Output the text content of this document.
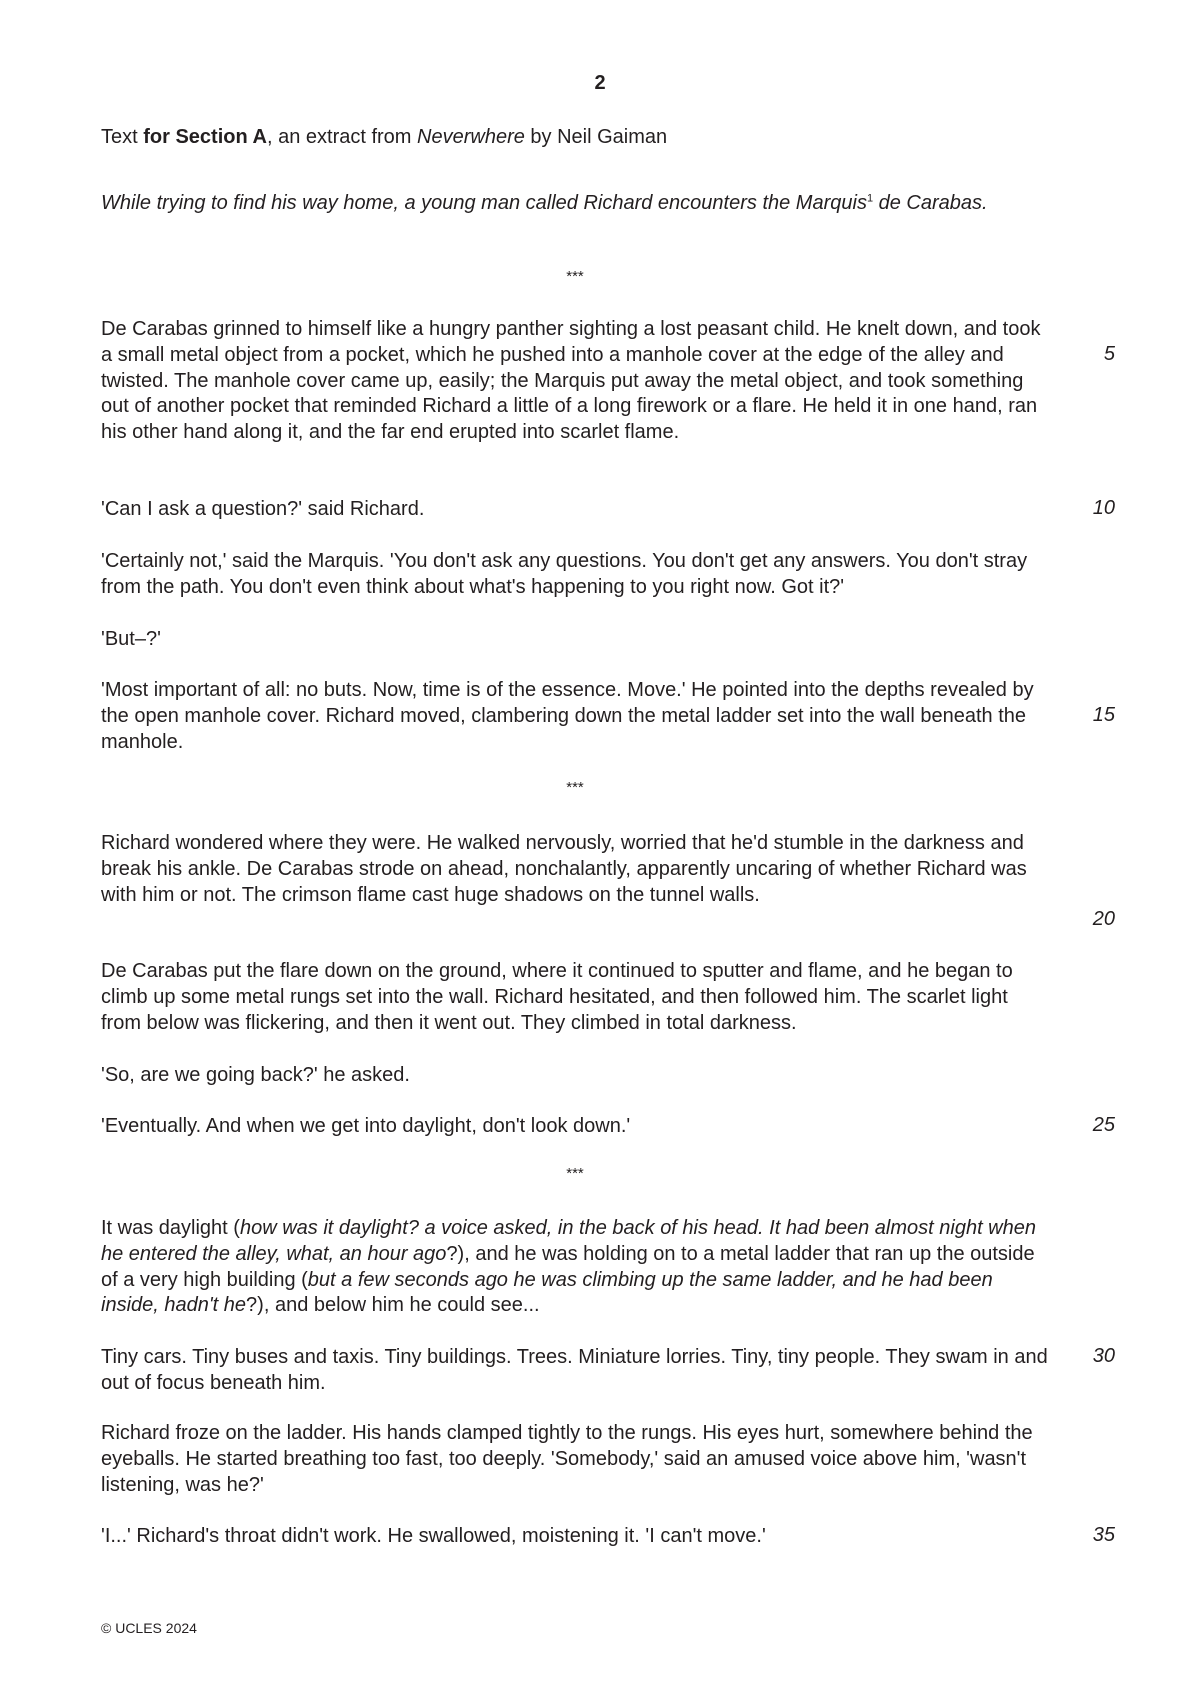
2
Text for Section A, an extract from Neverwhere by Neil Gaiman
While trying to find his way home, a young man called Richard encounters the Marquis$^1$ de Carabas.
***
De Carabas grinned to himself like a hungry panther sighting a lost peasant child. He knelt down, and took a small metal object from a pocket, which he pushed into a manhole cover at the edge of the alley and twisted. The manhole cover came up, easily; the Marquis put away the metal object, and took something out of another pocket that reminded Richard a little of a long firework or a flare. He held it in one hand, ran his other hand along it, and the far end erupted into scarlet flame.
5
'Can I ask a question?' said Richard.	10
'Certainly not,' said the Marquis. 'You don't ask any questions. You don't get any answers. You don't stray from the path. You don't even think about what's happening to you right now. Got it?'
'But–?'
'Most important of all: no buts. Now, time is of the essence. Move.' He pointed into the depths revealed by the open manhole cover. Richard moved, clambering down the metal ladder set into the wall beneath the manhole.
15
***
Richard wondered where they were. He walked nervously, worried that he'd stumble in the darkness and break his ankle. De Carabas strode on ahead, nonchalantly, apparently uncaring of whether Richard was with him or not. The crimson flame cast huge shadows on the tunnel walls.
20
De Carabas put the flare down on the ground, where it continued to sputter and flame, and he began to climb up some metal rungs set into the wall. Richard hesitated, and then followed him. The scarlet light from below was flickering, and then it went out. They climbed in total darkness.
'So, are we going back?' he asked.
'Eventually. And when we get into daylight, don't look down.'	25
***
It was daylight (how was it daylight? a voice asked, in the back of his head. It had been almost night when he entered the alley, what, an hour ago?), and he was holding on to a metal ladder that ran up the outside of a very high building (but a few seconds ago he was climbing up the same ladder, and he had been inside, hadn't he?), and below him he could see...
Tiny cars. Tiny buses and taxis. Tiny buildings. Trees. Miniature lorries. Tiny, tiny people. They swam in and out of focus beneath him.
30
Richard froze on the ladder. His hands clamped tightly to the rungs. His eyes hurt, somewhere behind the eyeballs. He started breathing too fast, too deeply. 'Somebody,' said an amused voice above him, 'wasn't listening, was he?'
'I...' Richard's throat didn't work. He swallowed, moistening it. 'I can't move.'	35
© UCLES 2024
